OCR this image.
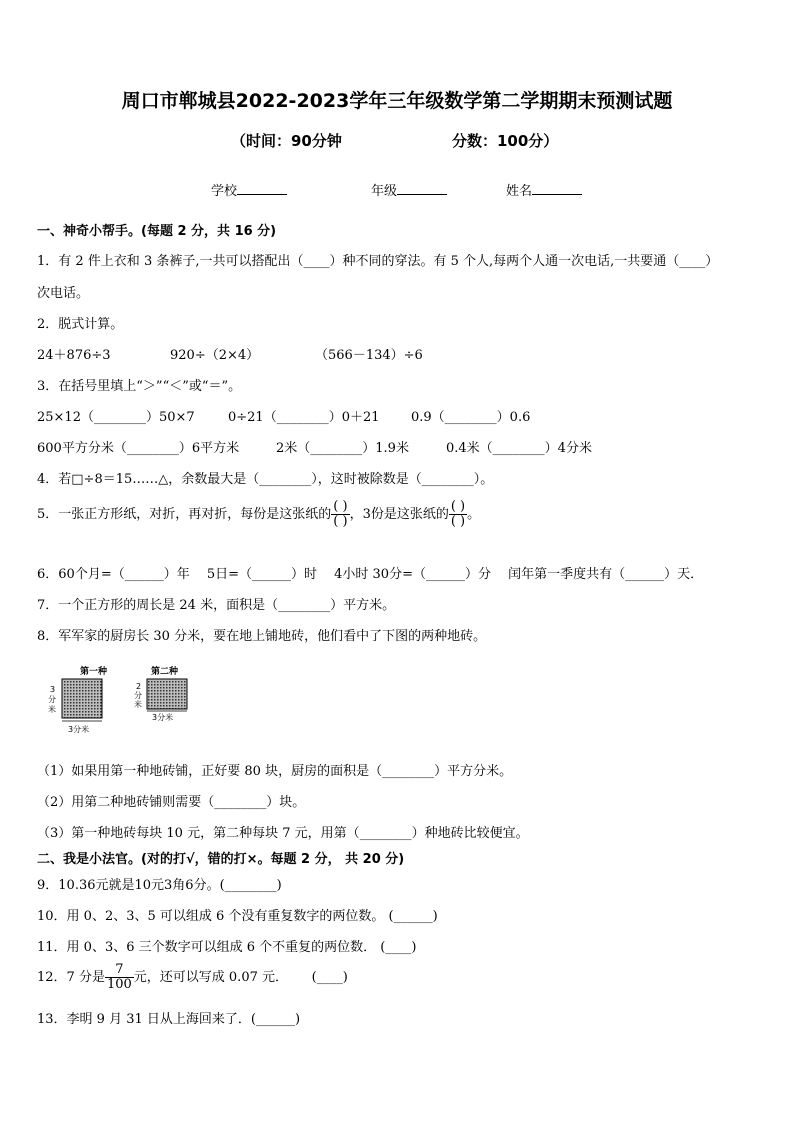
周口市郸城县2022-2023学年三年级数学第二学期期末预测试题
（时间：90分钟	分数：100分）
学校	年级	姓名
一、神奇小帮手。(每题 2 分，共 16 分)
1．有 2 件上衣和 3 条裤子,一共可以搭配出（____）种不同的穿法。有 5 个人,每两个人通一次电话,一共要通（____）
次电话。
2．脱式计算。
24＋876÷3	920÷（2×4）	（566－134）÷6
3．在括号里填上“＞”“＜”或“＝”。
25×12（________）50×7	0÷21（________）0＋21 0.9（________）0.6
600平方分米（________）6平方米	2米（________）1.9米	0.4米（________）4分米
4．若□÷8＝15……△，余数最大是（________），这时被除数是（________）。
5．一张正方形纸，对折，再对折，每份是这张纸的 $\frac{( )}{( )}$ ，3份是这张纸的 $\frac{( )}{( )}$ 。
6．60个月=（______）年　 5日=（______）时　 4小时 30分=（______）分　 闰年第一季度共有（______）天．
7．一个正方形的周长是 24 米，面积是（________）平方米。
8．军军家的厨房长 30 分米，要在地上铺地砖，他们看中了下图的两种地砖。
第一种
3分米
3
分
米
第二种
3分米
2
分
米
（1）如果用第一种地砖铺，正好要 80 块，厨房的面积是（________）平方分米。
（2）用第二种地砖铺则需要（________）块。
（3）第一种地砖每块 10 元，第二种每块 7 元，用第（________）种地砖比较便宜。
二、我是小法官。(对的打√，错的打×。每题 2 分， 共 20 分)
9．10.36元就是10元3角6分。(________)
10．用 0、2、3、5 可以组成 6 个没有重复数字的两位数。 (______)
11．用 0、3、6 三个数字可以组成 6 个不重复的两位数． (____)
12．7 分是 $\frac{7}{100}$ 元，还可以写成 0.07 元．　　 (____)
13．李明 9 月 31 日从上海回来了．(______)
